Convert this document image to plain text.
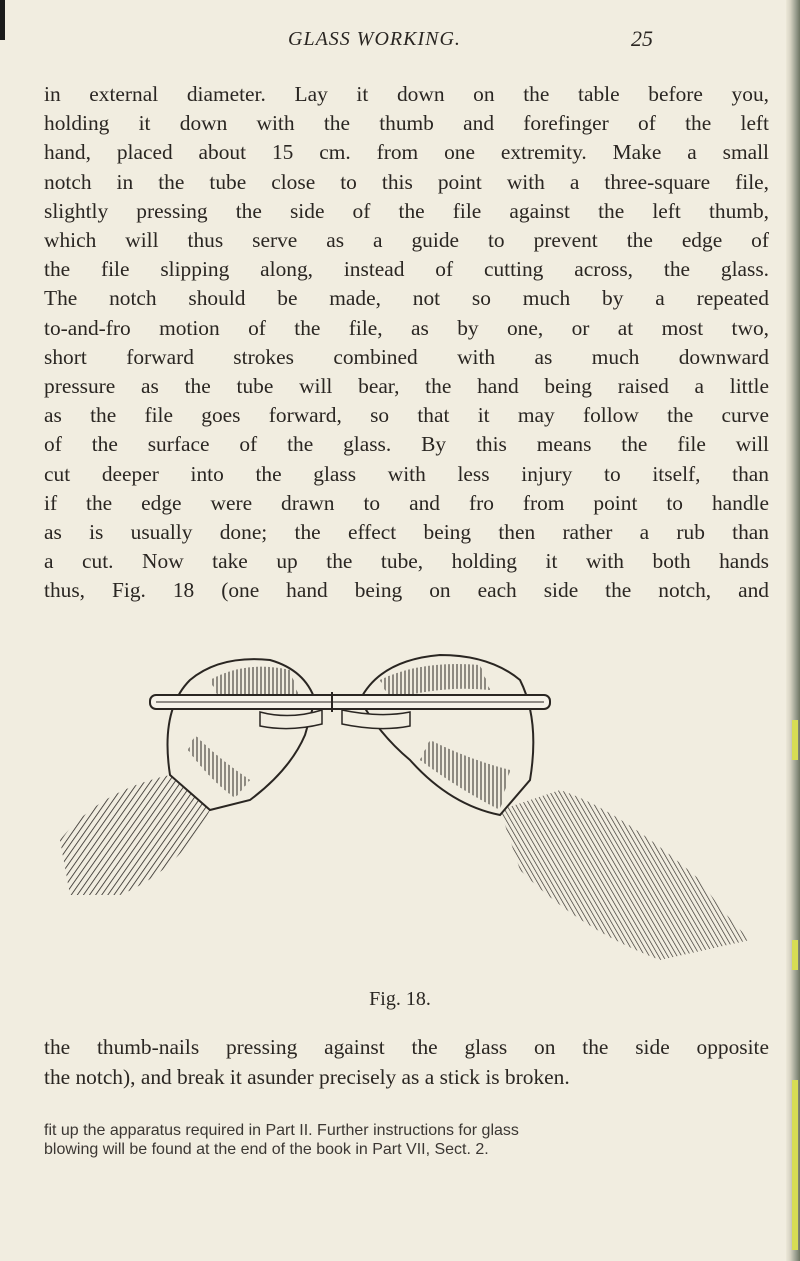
GLASS WORKING.	25
in external diameter. Lay it down on the table before you,
holding it down with the thumb and forefinger of the left
hand, placed about 15 cm. from one extremity. Make a small
notch in the tube close to this point with a three-square file,
slightly pressing the side of the file against the left thumb,
which will thus serve as a guide to prevent the edge of
the file slipping along, instead of cutting across, the glass.
The notch should be made, not so much by a repeated
to-and-fro motion of the file, as by one, or at most two,
short forward strokes combined with as much downward
pressure as the tube will bear, the hand being raised a little
as the file goes forward, so that it may follow the curve
of the surface of the glass. By this means the file will
cut deeper into the glass with less injury to itself, than
if the edge were drawn to and fro from point to handle
as is usually done; the effect being then rather a rub than
a cut. Now take up the tube, holding it with both hands
thus, Fig. 18 (one hand being on each side the notch, and
Fig. 18.
the thumb-nails pressing against the glass on the side opposite
the notch), and break it asunder precisely as a stick is broken.
fit up the apparatus required in Part II. Further instructions for glass
blowing will be found at the end of the book in Part VII, Sect. 2.
